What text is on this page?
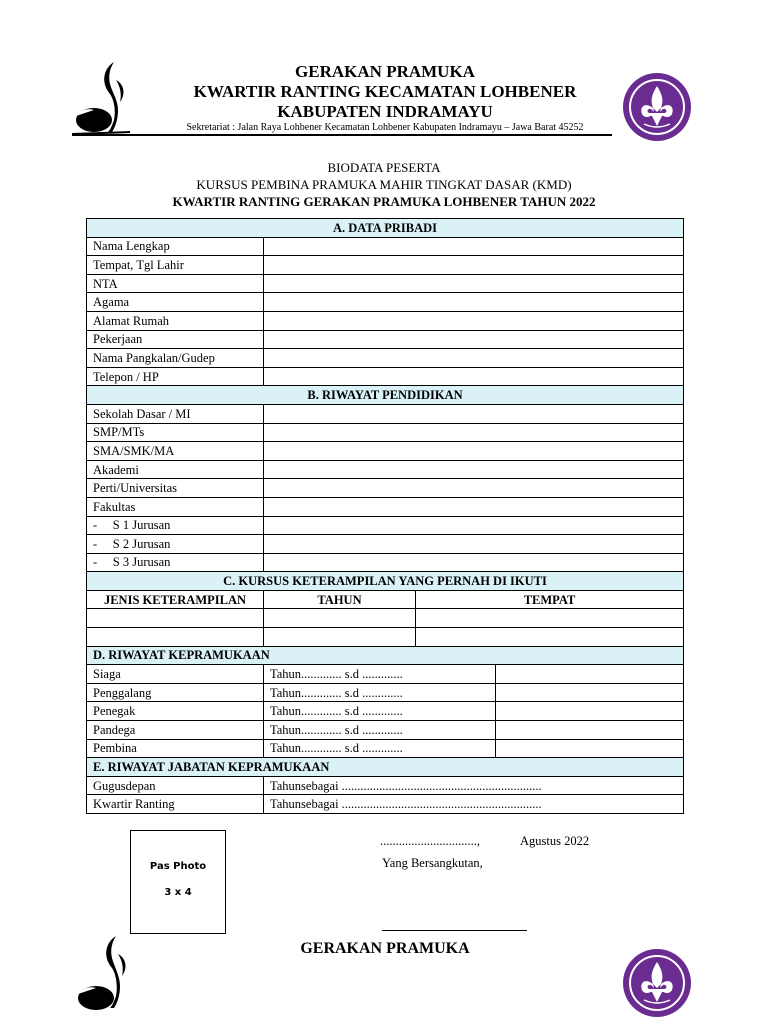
GERAKAN PRAMUKA
KWARTIR RANTING KECAMATAN LOHBENER
KABUPATEN INDRAMAYU
Sekretariat : Jalan Raya Lohbener Kecamatan Lohbener Kabupaten Indramayu – Jawa Barat 45252
BIODATA PESERTA
KURSUS PEMBINA PRAMUKA MAHIR TINGKAT DASAR (KMD)
KWARTIR RANTING GERAKAN PRAMUKA LOHBENER TAHUN 2022
A. DATA PRIBADI			
Nama Lengkap			
Tempat, Tgl Lahir			
NTA			
Agama			
Alamat Rumah			
Pekerjaan			
Nama Pangkalan/Gudep			
Telepon / HP			
B. RIWAYAT PENDIDIKAN			
Sekolah Dasar / MI			
SMP/MTs			
SMA/SMK/MA			
Akademi			
Perti/Universitas			
Fakultas			
-     S 1 Jurusan			
-     S 2 Jurusan			
-     S 3 Jurusan			
C. KURSUS KETERAMPILAN YANG PERNAH DI IKUTI			
JENIS KETERAMPILAN	TAHUN	TEMPAT	

D. RIWAYAT KEPRAMUKAAN			
Siaga	Tahun............. s.d .............		
Penggalang	Tahun............. s.d .............		
Penegak	Tahun............. s.d .............		
Pandega	Tahun............. s.d .............		
Pembina	Tahun............. s.d .............		
E. RIWAYAT JABATAN KEPRAMUKAAN			
Gugusdepan	Tahunsebagai ................................................................		
Kwartir Ranting	Tahunsebagai ................................................................		
Pas Photo
3 x 4
...............................,	Agustus 2022
Yang Bersangkutan,
GERAKAN PRAMUKA
